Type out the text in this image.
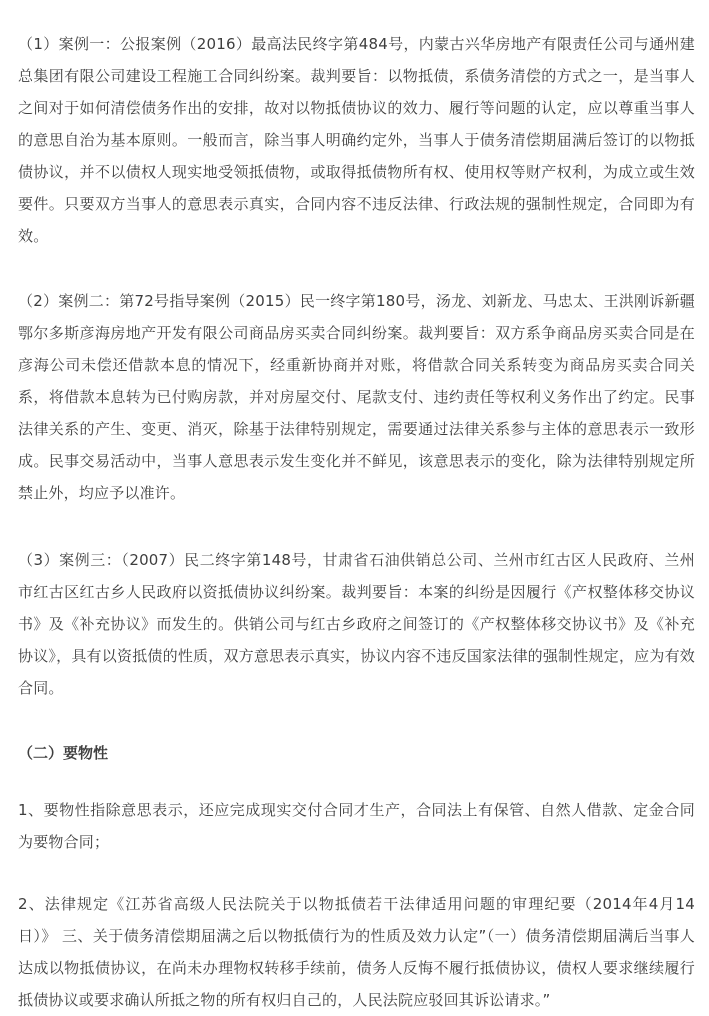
（1）案例一：公报案例（2016）最高法民终字第484号，内蒙古兴华房地产有限责任公司与通州建总集团有限公司建设工程施工合同纠纷案。裁判要旨：以物抵债，系债务清偿的方式之一，是当事人之间对于如何清偿债务作出的安排，故对以物抵债协议的效力、履行等问题的认定，应以尊重当事人的意思自治为基本原则。一般而言，除当事人明确约定外，当事人于债务清偿期届满后签订的以物抵债协议，并不以债权人现实地受领抵债物，或取得抵债物所有权、使用权等财产权利，为成立或生效要件。只要双方当事人的意思表示真实，合同内容不违反法律、行政法规的强制性规定，合同即为有效。

（2）案例二：第72号指导案例（2015）民一终字第180号，汤龙、刘新龙、马忠太、王洪刚诉新疆鄂尔多斯彦海房地产开发有限公司商品房买卖合同纠纷案。裁判要旨：双方系争商品房买卖合同是在彦海公司未偿还借款本息的情况下，经重新协商并对账，将借款合同关系转变为商品房买卖合同关系，将借款本息转为已付购房款，并对房屋交付、尾款支付、违约责任等权利义务作出了约定。民事法律关系的产生、变更、消灭，除基于法律特别规定，需要通过法律关系参与主体的意思表示一致形成。民事交易活动中，当事人意思表示发生变化并不鲜见，该意思表示的变化，除为法律特别规定所禁止外，均应予以准许。

（3）案例三：（2007）民二终字第148号，甘肃省石油供销总公司、兰州市红古区人民政府、兰州市红古区红古乡人民政府以资抵债协议纠纷案。裁判要旨：本案的纠纷是因履行《产权整体移交协议书》及《补充协议》而发生的。供销公司与红古乡政府之间签订的《产权整体移交协议书》及《补充协议》，具有以资抵债的性质，双方意思表示真实，协议内容不违反国家法律的强制性规定，应为有效合同。

（二）要物性

1、要物性指除意思表示，还应完成现实交付合同才生产，合同法上有保管、自然人借款、定金合同为要物合同；

2、法律规定《江苏省高级人民法院关于以物抵债若干法律适用问题的审理纪要（2014年4月14日）》 三、关于债务清偿期届满之后以物抵债行为的性质及效力认定”（一）债务清偿期届满后当事人达成以物抵债协议，在尚未办理物权转移手续前，债务人反悔不履行抵债协议，债权人要求继续履行抵债协议或要求确认所抵之物的所有权归自己的，人民法院应驳回其诉讼请求。”
